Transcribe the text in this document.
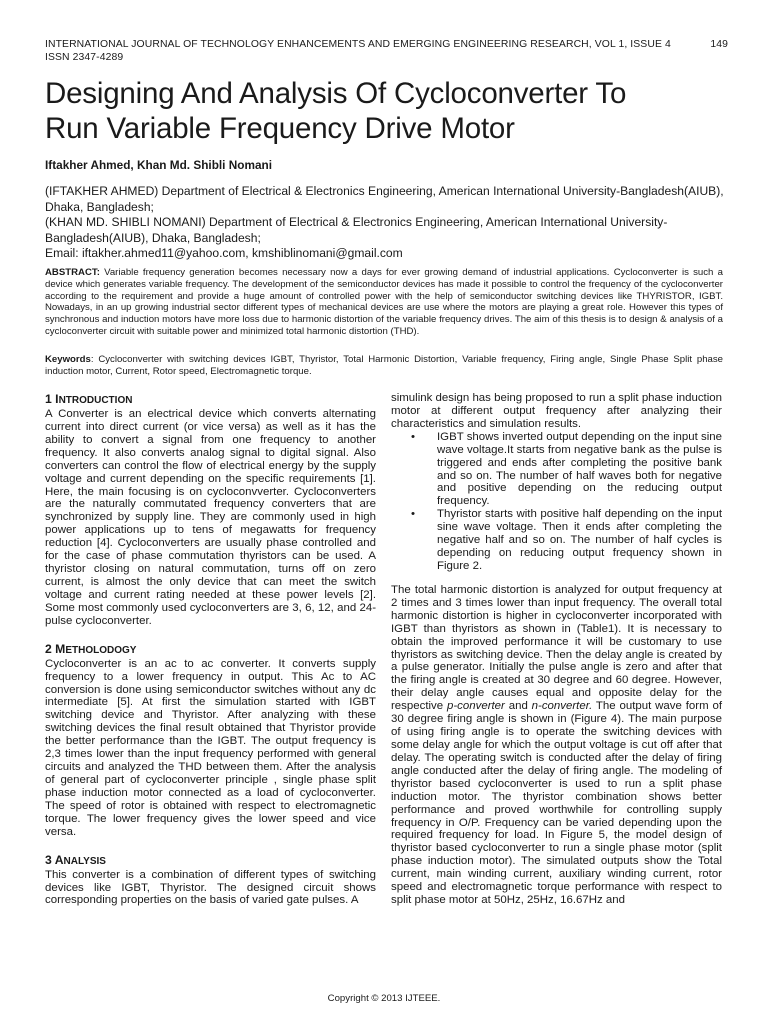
INTERNATIONAL JOURNAL OF TECHNOLOGY ENHANCEMENTS AND EMERGING ENGINEERING RESEARCH, VOL 1, ISSUE 4
ISSN 2347-4289
149
Designing And Analysis Of Cycloconverter To
Run Variable Frequency Drive Motor
Iftakher Ahmed, Khan Md. Shibli Nomani
(IFTAKHER AHMED) Department of Electrical & Electronics Engineering, American International University-Bangladesh(AIUB), Dhaka, Bangladesh;
(KHAN MD. SHIBLI NOMANI) Department of Electrical & Electronics Engineering, American International University-Bangladesh(AIUB), Dhaka, Bangladesh;
Email: iftakher.ahmed11@yahoo.com, kmshiblinomani@gmail.com
ABSTRACT: Variable frequency generation becomes necessary now a days for ever growing demand of industrial applications. Cycloconverter is such a device which generates variable frequency. The development of the semiconductor devices has made it possible to control the frequency of the cycloconverter according to the requirement and provide a huge amount of controlled power with the help of semiconductor switching devices like THYRISTOR, IGBT. Nowadays, in an up growing industrial sector different types of mechanical devices are use where the motors are playing a great role. However this types of synchronous and induction motors have more loss due to harmonic distortion of the variable frequency drives. The aim of this thesis is to design & analysis of a cycloconverter circuit with suitable power and minimized total harmonic distortion (THD).
Keywords: Cycloconverter with switching devices IGBT, Thyristor, Total Harmonic Distortion, Variable frequency, Firing angle, Single Phase Split phase induction motor, Current, Rotor speed, Electromagnetic torque.
1 INTRODUCTION

A Converter is an electrical device which converts alternating current into direct current (or vice versa) as well as it has the ability to convert a signal from one frequency to another frequency. It also converts analog signal to digital signal. Also converters can control the flow of electrical energy by the supply voltage and current depending on the specific requirements [1]. Here, the main focusing is on cycloconvverter. Cycloconverters are the naturally commutated frequency converters that are synchronized by supply line. They are commonly used in high power applications up to tens of megawatts for frequency reduction [4]. Cycloconverters are usually phase controlled and for the case of phase commutation thyristors can be used. A thyristor closing on natural commutation, turns off on zero current, is almost the only device that can meet the switch voltage and current rating needed at these power levels [2]. Some most commonly used cycloconverters are 3, 6, 12, and 24- pulse cycloconverter.

2 METHOLODOGY

Cycloconverter is an ac to ac converter. It converts supply frequency to a lower frequency in output. This Ac to AC conversion is done using semiconductor switches without any dc intermediate [5]. At first the simulation started with IGBT switching device and Thyristor. After analyzing with these switching devices the final result obtained that Thyristor provide the better performance than the IGBT. The output frequency is 2,3 times lower than the input frequency performed with general circuits and analyzed the THD between them. After the analysis of general part of cycloconverter principle , single phase split phase induction motor connected as a load of cycloconverter. The speed of rotor is obtained with respect to electromagnetic torque. The lower frequency gives the lower speed and vice versa.

3 ANALYSIS

This converter is a combination of different types of switching devices like IGBT, Thyristor. The designed circuit shows corresponding properties on the basis of varied gate pulses. A

simulink design has being proposed to run a split phase induction motor at different output frequency after analyzing their characteristics and simulation results.

• IGBT shows inverted output depending on the input sine wave voltage.It starts from negative bank as the pulse is triggered and ends after completing the positive bank and so on. The number of half waves both for negative and positive depending on the reducing output frequency.
• Thyristor starts with positive half depending on the input sine wave voltage. Then it ends after completing the negative half and so on. The number of half cycles is depending on reducing output frequency shown in Figure 2.

The total harmonic distortion is analyzed for output frequency at 2 times and 3 times lower than input frequency. The overall total harmonic distortion is higher in cycloconverter incorporated with IGBT than thyristors as shown in (Table1). It is necessary to obtain the improved performance it will be customary to use thyristors as switching device. Then the delay angle is created by a pulse generator. Initially the pulse angle is zero and after that the firing angle is created at 30 degree and 60 degree. However, their delay angle causes equal and opposite delay for the respective p-converter and n-converter. The output wave form of 30 degree firing angle is shown in (Figure 4). The main purpose of using firing angle is to operate the switching devices with some delay angle for which the output voltage is cut off after that delay. The operating switch is conducted after the delay of firing angle conducted after the delay of firing angle. The modeling of thyristor based cycloconverter is used to run a split phase induction motor. The thyristor combination shows better performance and proved worthwhile for controlling supply frequency in O/P. Frequency can be varied depending upon the required frequency for load. In Figure 5, the model design of thyristor based cycloconverter to run a single phase motor (split phase induction motor). The simulated outputs show the Total current, main winding current, auxiliary winding current, rotor speed and electromagnetic torque performance with respect to split phase motor at 50Hz, 25Hz, 16.67Hz and

Copyright © 2013 IJTEEE.
